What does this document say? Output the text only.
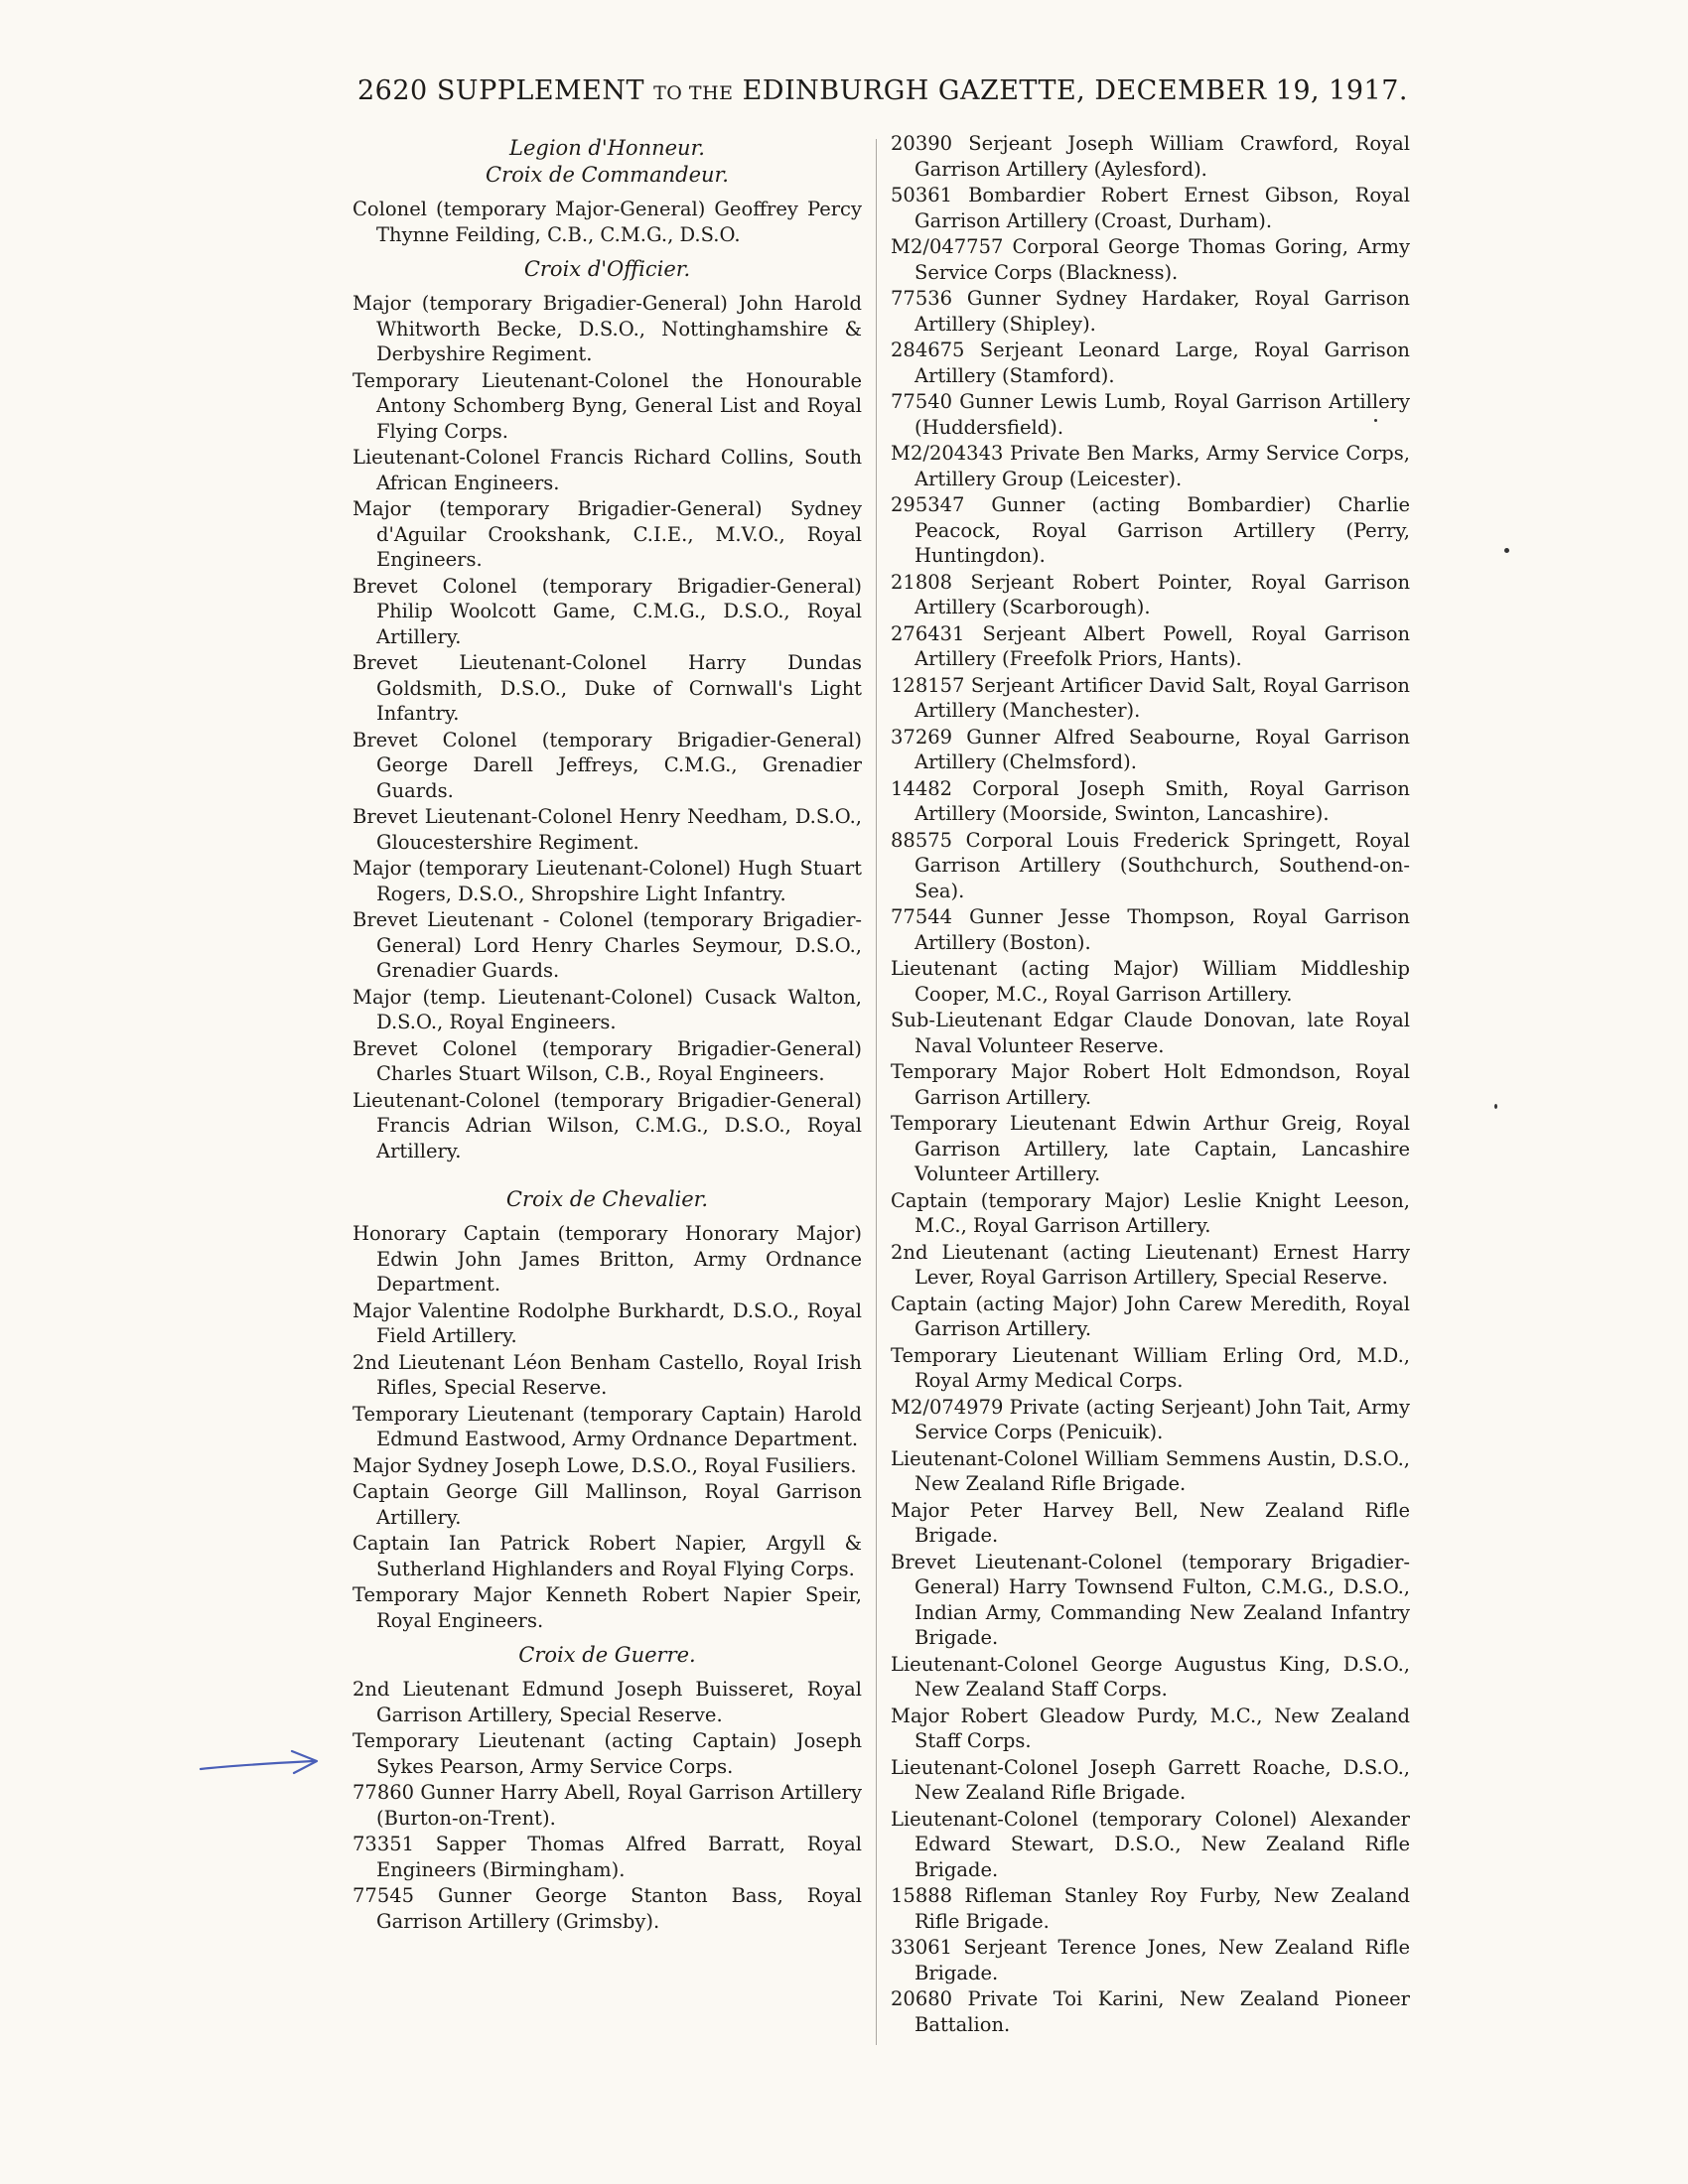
2620 SUPPLEMENT TO THE EDINBURGH GAZETTE, DECEMBER 19, 1917.

Legion d'Honneur.

Croix de Commandeur.

Colonel (temporary Major-General) Geoffrey Percy Thynne Feilding, C.B., C.M.G., D.S.O.

Croix d'Officier.

Major (temporary Brigadier-General) John Harold Whitworth Becke, D.S.O., Nottinghamshire & Derbyshire Regiment.

Temporary Lieutenant-Colonel the Honourable Antony Schomberg Byng, General List and Royal Flying Corps.

Lieutenant-Colonel Francis Richard Collins, South African Engineers.

Major (temporary Brigadier-General) Sydney d'Aguilar Crookshank, C.I.E., M.V.O., Royal Engineers.

Brevet Colonel (temporary Brigadier-General) Philip Woolcott Game, C.M.G., D.S.O., Royal Artillery.

Brevet Lieutenant-Colonel Harry Dundas Goldsmith, D.S.O., Duke of Cornwall's Light Infantry.

Brevet Colonel (temporary Brigadier-General) George Darell Jeffreys, C.M.G., Grenadier Guards.

Brevet Lieutenant-Colonel Henry Needham, D.S.O., Gloucestershire Regiment.

Major (temporary Lieutenant-Colonel) Hugh Stuart Rogers, D.S.O., Shropshire Light Infantry.

Brevet Lieutenant - Colonel (temporary Brigadier-General) Lord Henry Charles Seymour, D.S.O., Grenadier Guards.

Major (temp. Lieutenant-Colonel) Cusack Walton, D.S.O., Royal Engineers.

Brevet Colonel (temporary Brigadier-General) Charles Stuart Wilson, C.B., Royal Engineers.

Lieutenant-Colonel (temporary Brigadier-General) Francis Adrian Wilson, C.M.G., D.S.O., Royal Artillery.

Croix de Chevalier.

Honorary Captain (temporary Honorary Major) Edwin John James Britton, Army Ordnance Department.

Major Valentine Rodolphe Burkhardt, D.S.O., Royal Field Artillery.

2nd Lieutenant Léon Benham Castello, Royal Irish Rifles, Special Reserve.

Temporary Lieutenant (temporary Captain) Harold Edmund Eastwood, Army Ordnance Department.

Major Sydney Joseph Lowe, D.S.O., Royal Fusiliers.

Captain George Gill Mallinson, Royal Garrison Artillery.

Captain Ian Patrick Robert Napier, Argyll & Sutherland Highlanders and Royal Flying Corps.

Temporary Major Kenneth Robert Napier Speir, Royal Engineers.

Croix de Guerre.

2nd Lieutenant Edmund Joseph Buisseret, Royal Garrison Artillery, Special Reserve.

Temporary Lieutenant (acting Captain) Joseph Sykes Pearson, Army Service Corps.

77860 Gunner Harry Abell, Royal Garrison Artillery (Burton-on-Trent).

73351 Sapper Thomas Alfred Barratt, Royal Engineers (Birmingham).

77545 Gunner George Stanton Bass, Royal Garrison Artillery (Grimsby).

20390 Serjeant Joseph William Crawford, Royal Garrison Artillery (Aylesford).

50361 Bombardier Robert Ernest Gibson, Royal Garrison Artillery (Croast, Durham).

M2/047757 Corporal George Thomas Goring, Army Service Corps (Blackness).

77536 Gunner Sydney Hardaker, Royal Garrison Artillery (Shipley).

284675 Serjeant Leonard Large, Royal Garrison Artillery (Stamford).

77540 Gunner Lewis Lumb, Royal Garrison Artillery (Huddersfield).

M2/204343 Private Ben Marks, Army Service Corps, Artillery Group (Leicester).

295347 Gunner (acting Bombardier) Charlie Peacock, Royal Garrison Artillery (Perry, Huntingdon).

21808 Serjeant Robert Pointer, Royal Garrison Artillery (Scarborough).

276431 Serjeant Albert Powell, Royal Garrison Artillery (Freefolk Priors, Hants).

128157 Serjeant Artificer David Salt, Royal Garrison Artillery (Manchester).

37269 Gunner Alfred Seabourne, Royal Garrison Artillery (Chelmsford).

14482 Corporal Joseph Smith, Royal Garrison Artillery (Moorside, Swinton, Lancashire).

88575 Corporal Louis Frederick Springett, Royal Garrison Artillery (Southchurch, Southend-on-Sea).

77544 Gunner Jesse Thompson, Royal Garrison Artillery (Boston).

Lieutenant (acting Major) William Middleship Cooper, M.C., Royal Garrison Artillery.

Sub-Lieutenant Edgar Claude Donovan, late Royal Naval Volunteer Reserve.

Temporary Major Robert Holt Edmondson, Royal Garrison Artillery.

Temporary Lieutenant Edwin Arthur Greig, Royal Garrison Artillery, late Captain, Lancashire Volunteer Artillery.

Captain (temporary Major) Leslie Knight Leeson, M.C., Royal Garrison Artillery.

2nd Lieutenant (acting Lieutenant) Ernest Harry Lever, Royal Garrison Artillery, Special Reserve.

Captain (acting Major) John Carew Meredith, Royal Garrison Artillery.

Temporary Lieutenant William Erling Ord, M.D., Royal Army Medical Corps.

M2/074979 Private (acting Serjeant) John Tait, Army Service Corps (Penicuik).

Lieutenant-Colonel William Semmens Austin, D.S.O., New Zealand Rifle Brigade.

Major Peter Harvey Bell, New Zealand Rifle Brigade.

Brevet Lieutenant-Colonel (temporary Brigadier-General) Harry Townsend Fulton, C.M.G., D.S.O., Indian Army, Commanding New Zealand Infantry Brigade.

Lieutenant-Colonel George Augustus King, D.S.O., New Zealand Staff Corps.

Major Robert Gleadow Purdy, M.C., New Zealand Staff Corps.

Lieutenant-Colonel Joseph Garrett Roache, D.S.O., New Zealand Rifle Brigade.

Lieutenant-Colonel (temporary Colonel) Alexander Edward Stewart, D.S.O., New Zealand Rifle Brigade.

15888 Rifleman Stanley Roy Furby, New Zealand Rifle Brigade.

33061 Serjeant Terence Jones, New Zealand Rifle Brigade.

20680 Private Toi Karini, New Zealand Pioneer Battalion.
